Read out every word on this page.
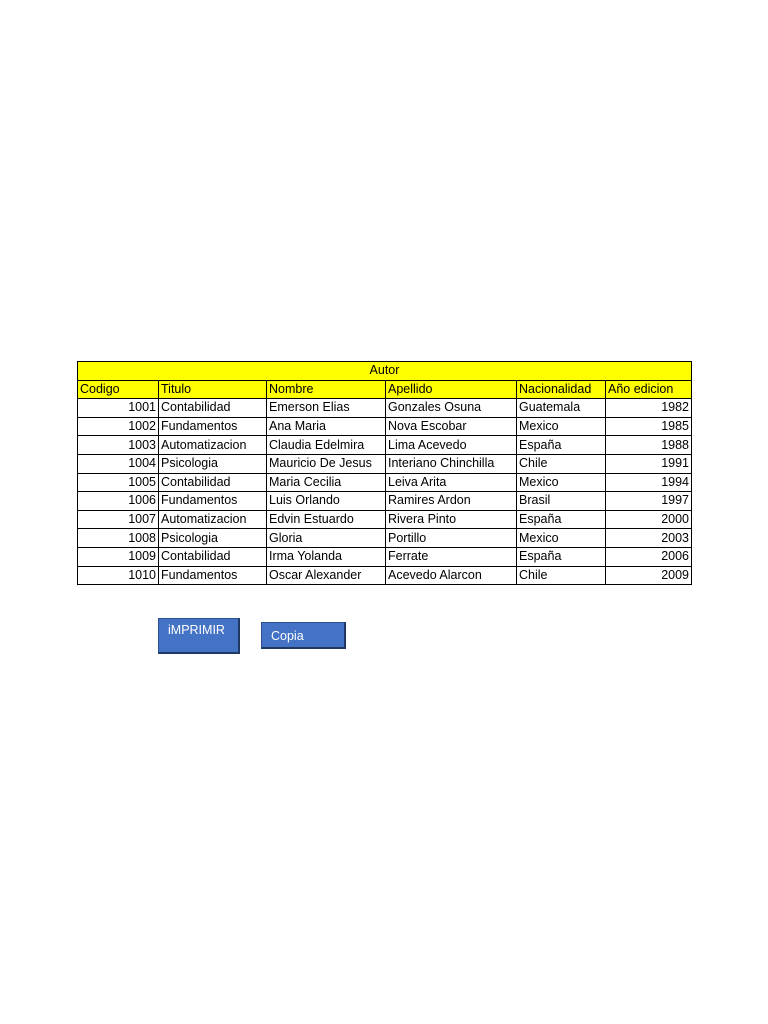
Autor					
Codigo	Titulo	Nombre	Apellido	Nacionalidad	Año edicion
1001	Contabilidad	Emerson Elias	Gonzales Osuna	Guatemala	1982
1002	Fundamentos	Ana Maria	Nova Escobar	Mexico	1985
1003	Automatizacion	Claudia Edelmira	Lima Acevedo	España	1988
1004	Psicologia	Mauricio De Jesus	Interiano Chinchilla	Chile	1991
1005	Contabilidad	Maria Cecilia	Leiva Arita	Mexico	1994
1006	Fundamentos	Luis Orlando	Ramires Ardon	Brasil	1997
1007	Automatizacion	Edvin Estuardo	Rivera Pinto	España	2000
1008	Psicologia	Gloria	Portillo	Mexico	2003
1009	Contabilidad	Irma Yolanda	Ferrate	España	2006
1010	Fundamentos	Oscar Alexander	Acevedo Alarcon	Chile	2009
iMPRIMIR	Copia
